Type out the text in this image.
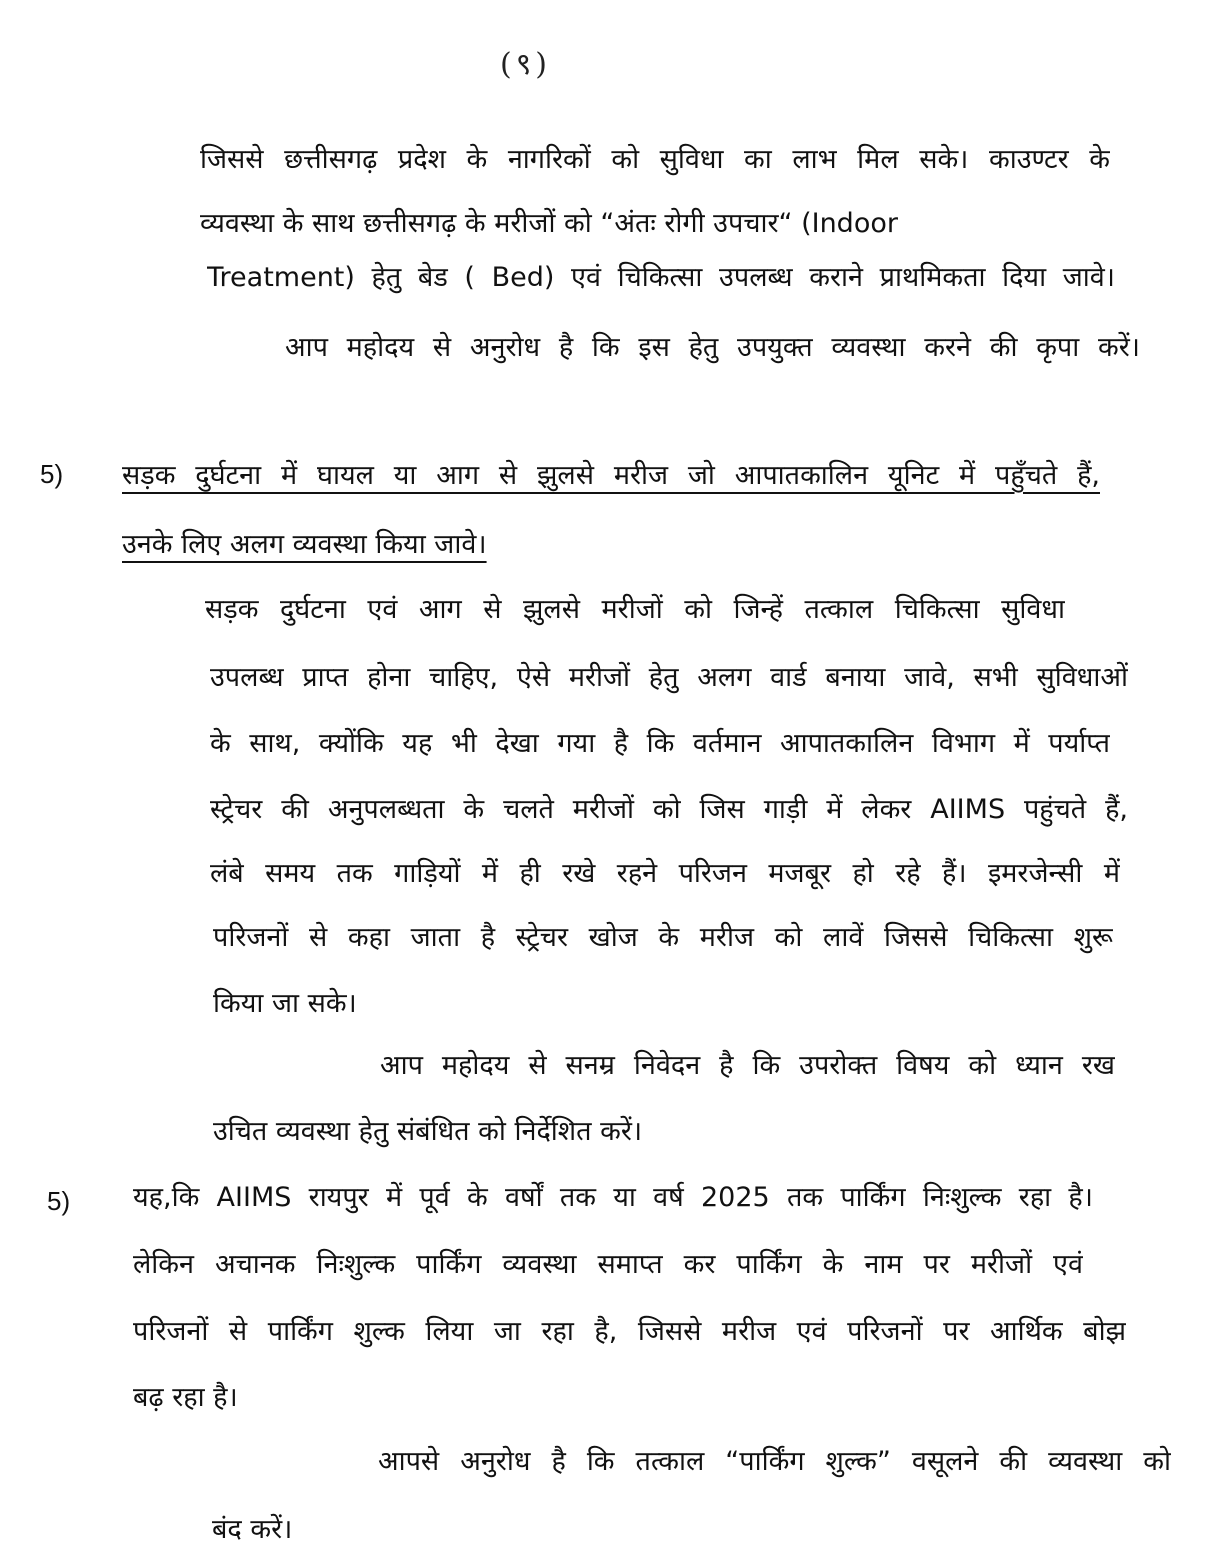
(९)
जिससे छत्तीसगढ़ प्रदेश के नागरिकों को सुविधा का लाभ मिल सके। काउण्टर के
व्यवस्था के साथ छत्तीसगढ़ के मरीजों को “अंतः रोगी उपचार“ (Indoor
Treatment) हेतु बेड ( Bed) एवं चिकित्सा उपलब्ध कराने प्राथमिकता दिया जावे।
आप महोदय से अनुरोध है कि इस हेतु उपयुक्त व्यवस्था करने की कृपा करें।
5) सड़क दुर्घटना में घायल या आग से झुलसे मरीज जो आपातकालिन यूनिट में पहुँचते हैं,
उनके लिए अलग व्यवस्था किया जावे।
सड़क दुर्घटना एवं आग से झुलसे मरीजों को जिन्हें तत्काल चिकित्सा सुविधा
उपलब्ध प्राप्त होना चाहिए, ऐसे मरीजों हेतु अलग वार्ड बनाया जावे, सभी सुविधाओं
के साथ, क्योंकि यह भी देखा गया है कि वर्तमान आपातकालिन विभाग में पर्याप्त
स्ट्रेचर की अनुपलब्धता के चलते मरीजों को जिस गाड़ी में लेकर AIIMS पहुंचते हैं,
लंबे समय तक गाड़ियों में ही रखे रहने परिजन मजबूर हो रहे हैं। इमरजेन्सी में
परिजनों से कहा जाता है स्ट्रेचर खोज के मरीज को लावें जिससे चिकित्सा शुरू
किया जा सके।
आप महोदय से सनम्र निवेदन है कि उपरोक्त विषय को ध्यान रख
उचित व्यवस्था हेतु संबंधित को निर्देशित करें।
5) यह,कि AIIMS रायपुर में पूर्व के वर्षों तक या वर्ष 2025 तक पार्किंग निःशुल्क रहा है।
लेकिन अचानक निःशुल्क पार्किंग व्यवस्था समाप्त कर पार्किंग के नाम पर मरीजों एवं
परिजनों से पार्किंग शुल्क लिया जा रहा है, जिससे मरीज एवं परिजनों पर आर्थिक बोझ
बढ़ रहा है।
आपसे अनुरोध है कि तत्काल “पार्किंग शुल्क” वसूलने की व्यवस्था को
बंद करें।
